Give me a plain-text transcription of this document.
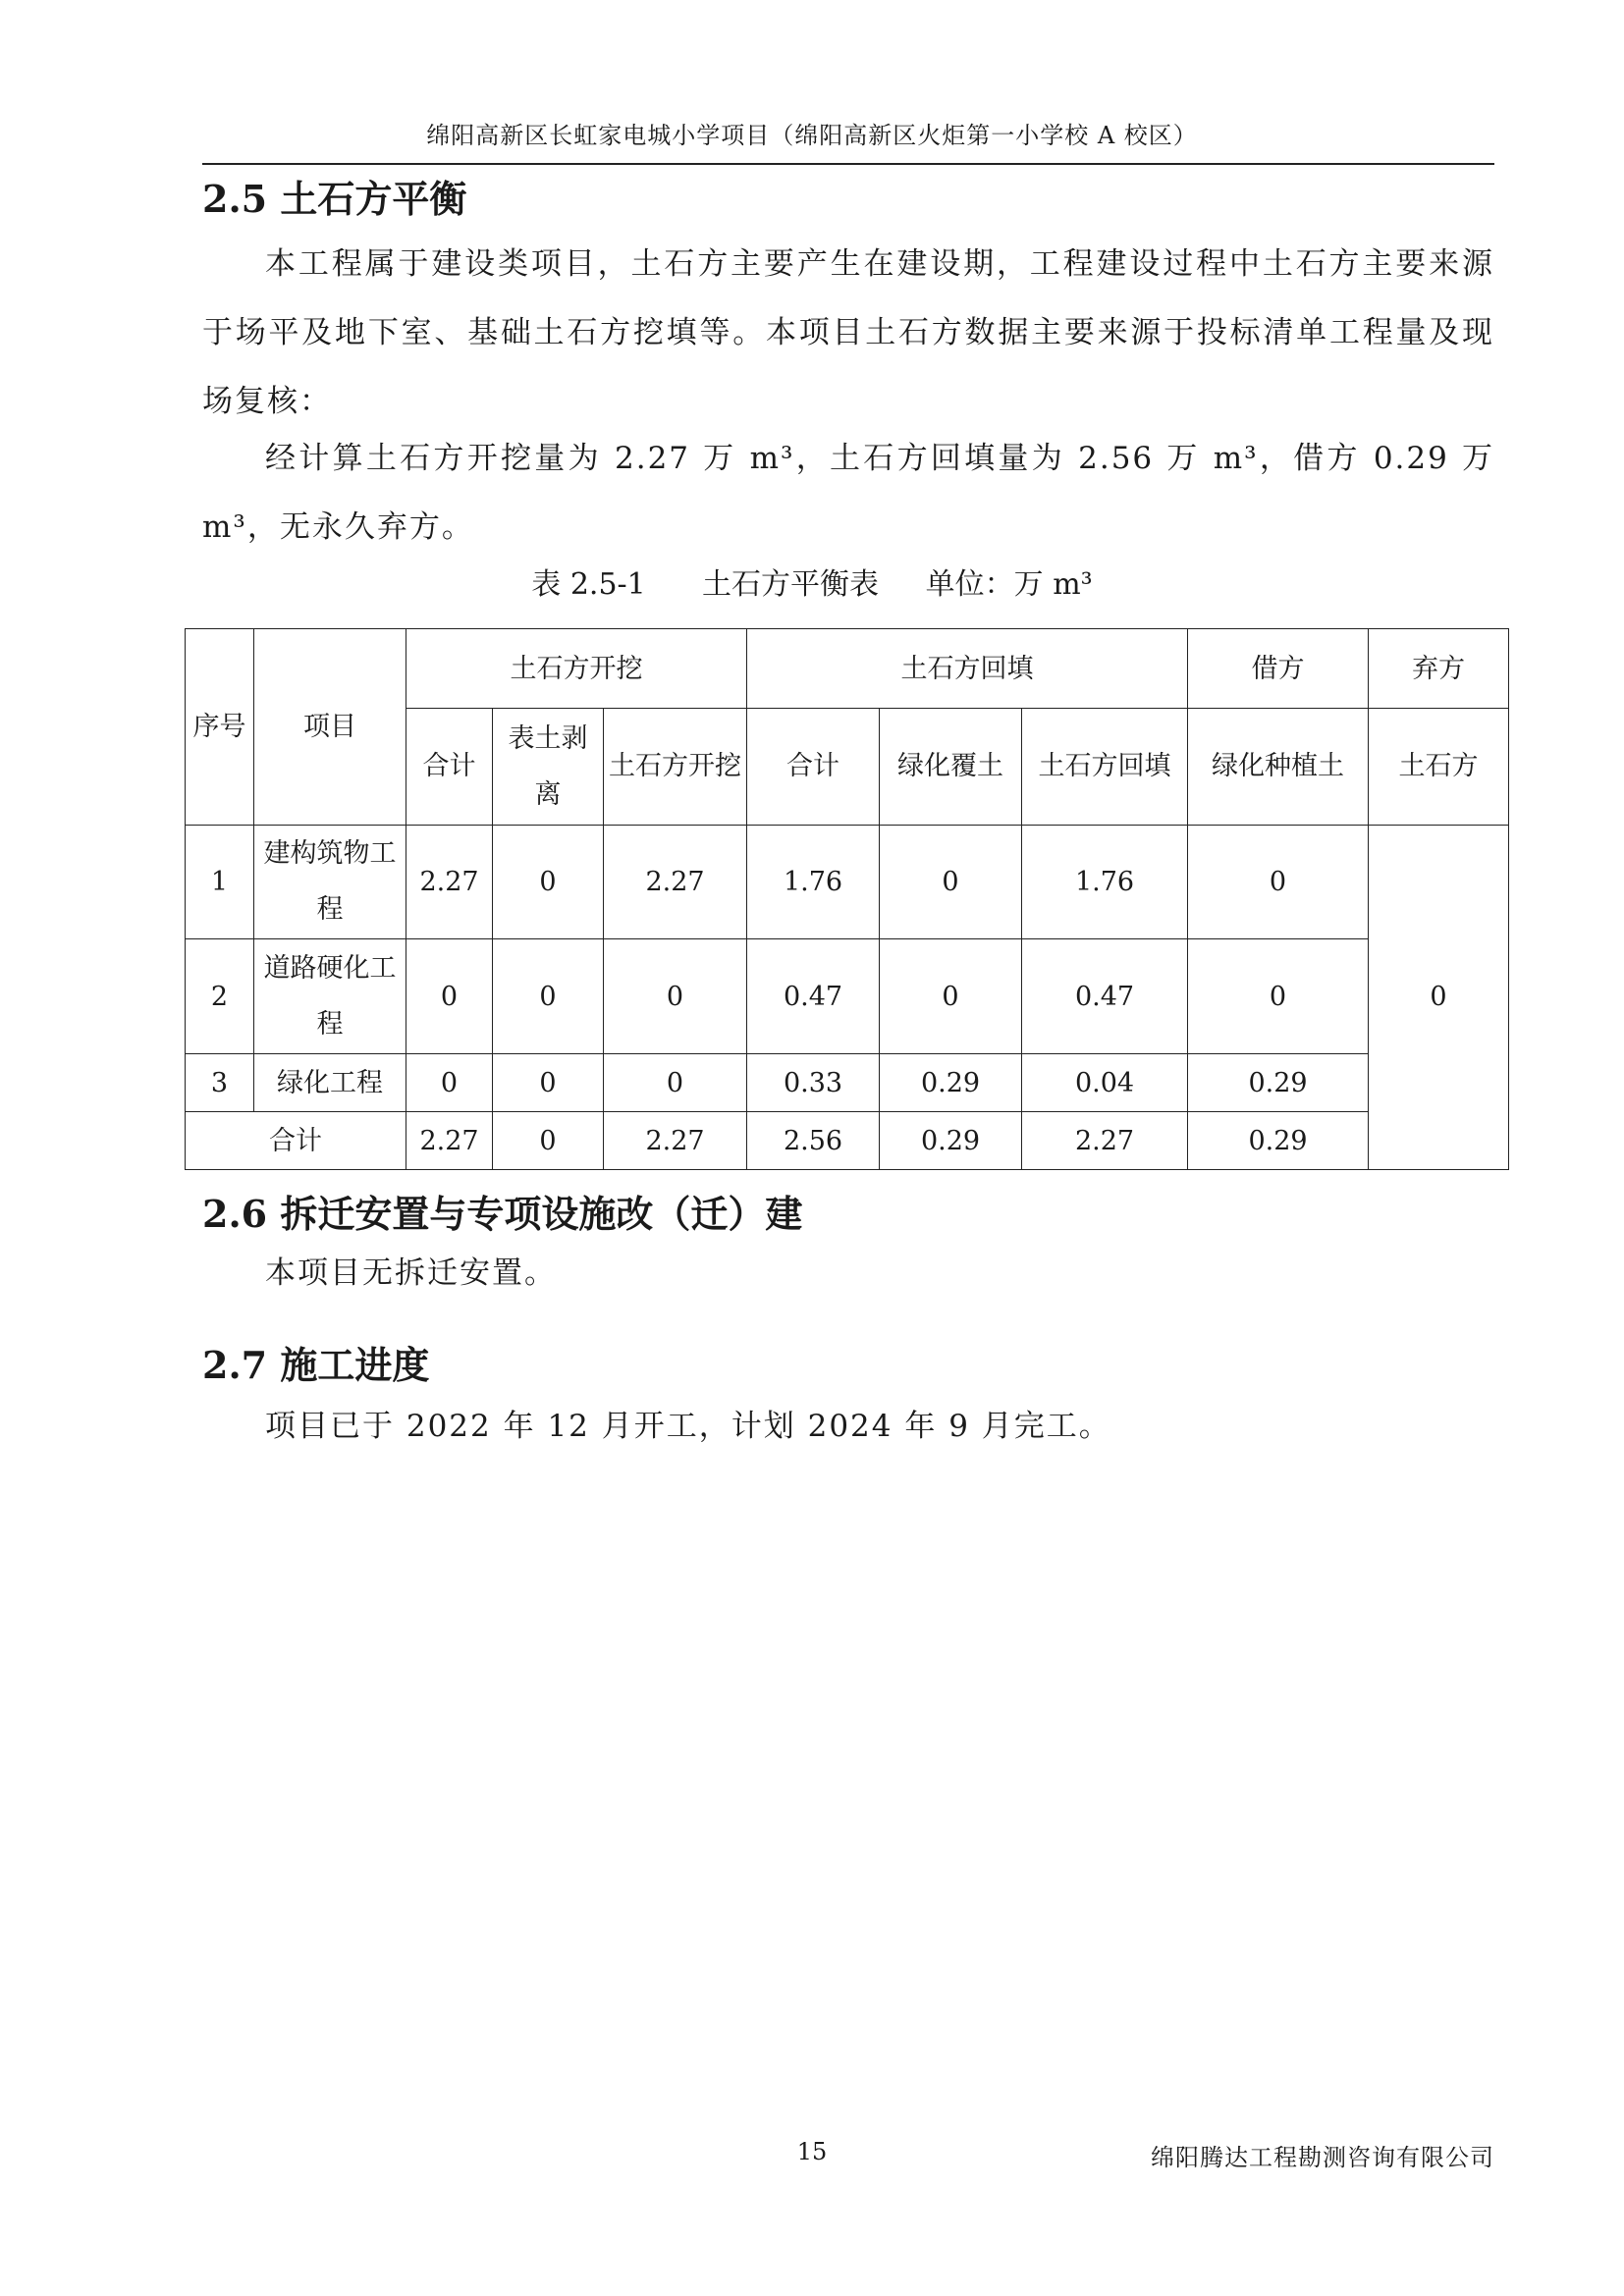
绵阳高新区长虹家电城小学项目（绵阳高新区火炬第一小学校 A 校区）
2.5 土石方平衡

本工程属于建设类项目，土石方主要产生在建设期，工程建设过程中土石方主要来源于场平及地下室、基础土石方挖填等。本项目土石方数据主要来源于投标清单工程量及现场复核：

经计算土石方开挖量为 2.27 万 m³，土石方回填量为 2.56 万 m³，借方 0.29 万 m³，无永久弃方。

表 2.5-1      土石方平衡表     单位：万 m³
序号	项目	土石方开挖			土石方回填			借方	弃方
		合计	表土剥离	土石方开挖	合计	绿化覆土	土石方回填	绿化种植土	土石方
1	建构筑物工程	2.27	0	2.27	1.76	0	1.76	0	0
2	道路硬化工程	0	0	0	0.47	0	0.47	0	
3	绿化工程	0	0	0	0.33	0.29	0.04	0.29	
合计		2.27	0	2.27	2.56	0.29	2.27	0.29	
2.6 拆迁安置与专项设施改（迁）建

本项目无拆迁安置。

2.7 施工进度

项目已于 2022 年 12 月开工，计划 2024 年 9 月完工。

15	绵阳腾达工程勘测咨询有限公司
